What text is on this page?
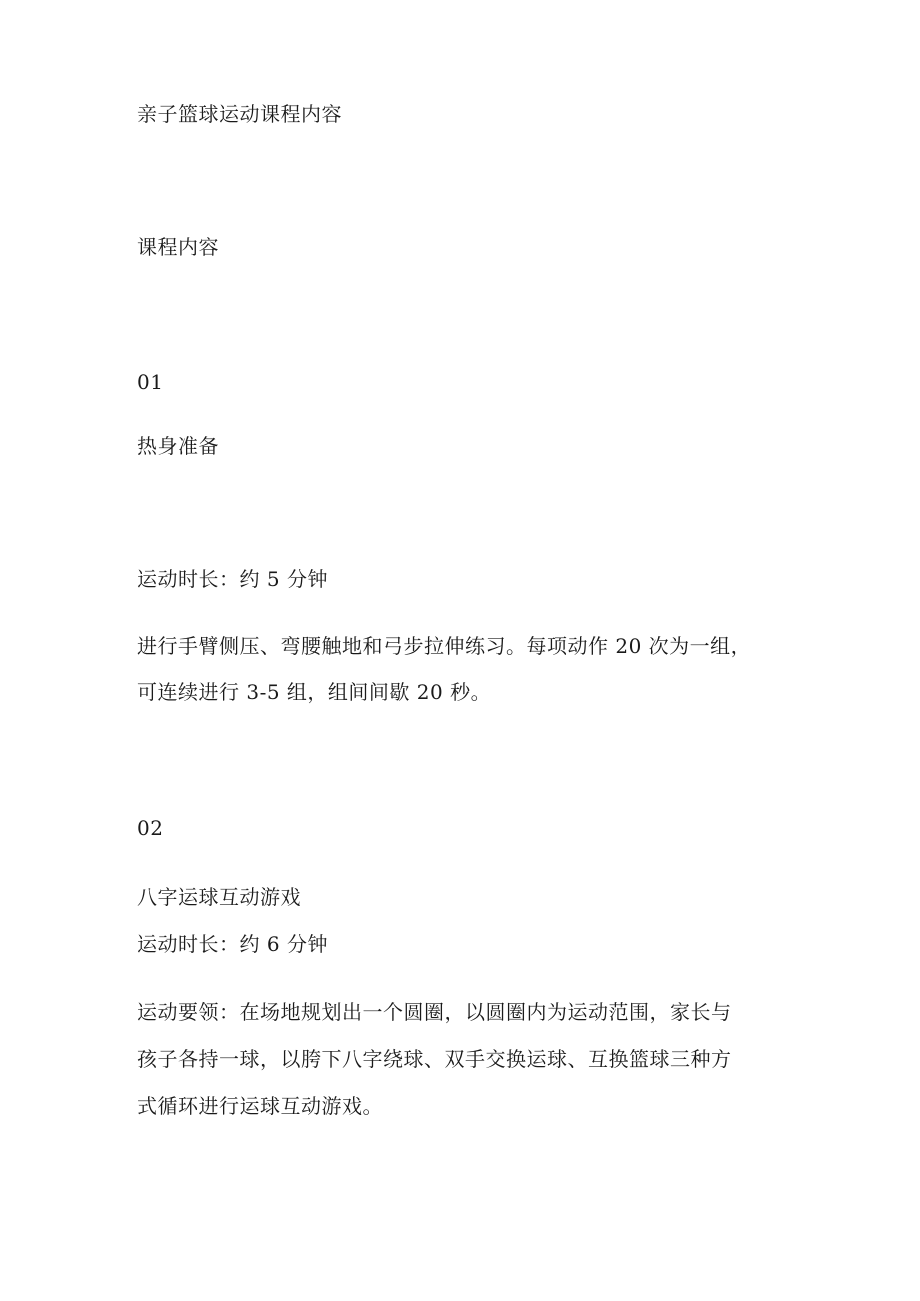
亲子篮球运动课程内容
课程内容
01
热身准备
运动时长：约 5 分钟
进行手臂侧压、弯腰触地和弓步拉伸练习。每项动作 20 次为一组，
可连续进行 3-5 组，组间间歇 20 秒。
02
八字运球互动游戏
运动时长：约 6 分钟
运动要领：在场地规划出一个圆圈，以圆圈内为运动范围，家长与
孩子各持一球，以胯下八字绕球、双手交换运球、互换篮球三种方
式循环进行运球互动游戏。
